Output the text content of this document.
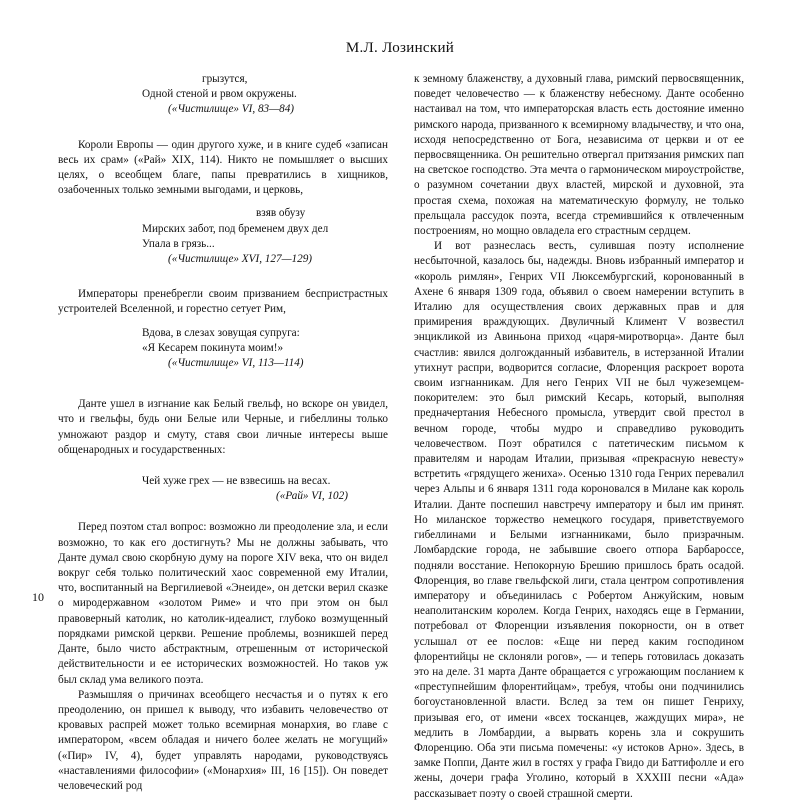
М.Л. Лозинский
грызутся,
Одной стеной и рвом окружены.
(«Чистилище» VI, 83—84)

Короли Европы — один другого хуже, и в книге судеб «записан весь их срам» («Рай» XIX, 114). Никто не помышляет о высших целях, о всеобщем благе, папы превратились в хищников, озабоченных только земными выгодами, и церковь,

взяв обузу
Мирских забот, под бременем двух дел
Упала в грязь...
(«Чистилище» XVI, 127—129)

Императоры пренебрегли своим призванием беспристрастных устроителей Вселенной, и горестно сетует Рим,

Вдова, в слезах зовущая супруга:
«Я Кесарем покинута моим!»
(«Чистилище» VI, 113—114)

Данте ушел в изгнание как Белый гвельф, но вскоре он увидел, что и гвельфы, будь они Белые или Черные, и гибеллины только умножают раздор и смуту, ставя свои личные интересы выше общенародных и государственных:

Чей хуже грех — не взвесишь на весах.
(«Рай» VI, 102)

Перед поэтом стал вопрос: возможно ли преодоление зла, и если возможно, то как его достигнуть? Мы не должны забывать, что Данте думал свою скорбную думу на пороге XIV века, что он видел вокруг себя только политический хаос современной ему Италии, что, воспитанный на Вергилиевой «Энеиде», он детски верил сказке о миродержавном «золотом Риме» и что при этом он был правоверный католик, но католик-идеалист, глубоко возмущенный порядками римской церкви. Решение проблемы, возникшей перед Данте, было чисто абстрактным, отрешенным от исторической действительности и ее исторических возможностей. Но таков уж был склад ума великого поэта.

Размышляя о причинах всеобщего несчастья и о путях к его преодолению, он пришел к выводу, что избавить человечество от кровавых распрей может только всемирная монархия, во главе с императором, «всем обладая и ничего более желать не могущий» («Пир» IV, 4), будет управлять народами, руководствуясь «наставлениями философии» («Монархия» III, 16 [15]). Он поведет человеческий род

к земному блаженству, а духовный глава, римский первосвященник, поведет человечество — к блаженству небесному. Данте особенно настаивал на том, что императорская власть есть достояние именно римского народа, призванного к всемирному владычеству, и что она, исходя непосредственно от Бога, независима от церкви и от ее первосвященника. Он решительно отвергал притязания римских пап на светское господство. Эта мечта о гармоническом мироустройстве, о разумном сочетании двух властей, мирской и духовной, эта простая схема, похожая на математическую формулу, не только прельщала рассудок поэта, всегда стремившийся к отвлеченным построениям, но мощно овладела его страстным сердцем.

И вот разнеслась весть, сулившая поэту исполнение несбыточной, казалось бы, надежды. Вновь избранный император и «король римлян», Генрих VII Люксембургский, коронованный в Ахене 6 января 1309 года, объявил о своем намерении вступить в Италию для осуществления своих державных прав и для примирения враждующих. Двуличный Климент V возвестил энцикликой из Авиньона приход «царя-миротворца». Данте был счастлив: явился долгожданный избавитель, в истерзанной Италии утихнут распри, водворится согласие, Флоренция раскроет ворота своим изгнанникам. Для него Генрих VII не был чужеземцем-покорителем: это был римский Кесарь, который, выполняя предначертания Небесного промысла, утвердит свой престол в вечном городе, чтобы мудро и справедливо руководить человечеством. Поэт обратился с патетическим письмом к правителям и народам Италии, призывая «прекрасную невесту» встретить «грядущего жениха». Осенью 1310 года Генрих перевалил через Альпы и 6 января 1311 года короновался в Милане как король Италии. Данте поспешил навстречу императору и был им принят. Но миланское торжество немецкого государя, приветствуемого гибеллинами и Белыми изгнанниками, было призрачным. Ломбардские города, не забывшие своего отпора Барбароссе, подняли восстание. Непокорную Брешию пришлось брать осадой. Флоренция, во главе гвельфской лиги, стала центром сопротивления императору и объединилась с Робертом Анжуйским, новым неаполитанским королем. Когда Генрих, находясь еще в Германии, потребовал от Флоренции изъявления покорности, он в ответ услышал от ее послов: «Еще ни перед каким господином флорентийцы не склоняли рогов», — и теперь готовилась доказать это на деле. 31 марта Данте обращается с угрожающим посланием к «преступнейшим флорентийцам», требуя, чтобы они подчинились богоустановленной власти. Вслед за тем он пишет Генриху, призывая его, от имени «всех тосканцев, жаждущих мира», не медлить в Ломбардии, а вырвать корень зла и сокрушить Флоренцию. Оба эти письма помечены: «у истоков Арно». Здесь, в замке Поппи, Данте жил в гостях у графа Гвидо ди Баттифолле и его жены, дочери графа Уголино, который в XXXIII песни «Ада» рассказывает поэту о своей страшной смерти.

10
